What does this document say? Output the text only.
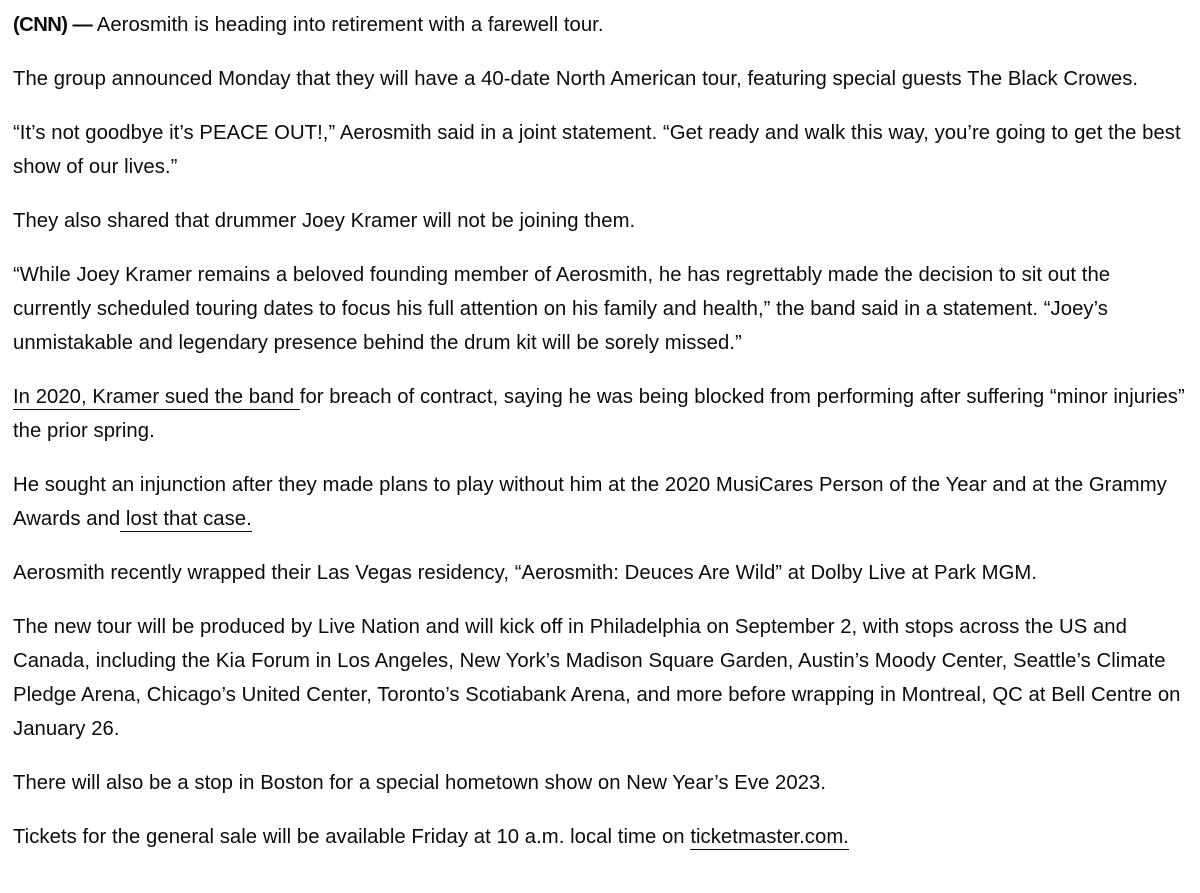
(CNN) — Aerosmith is heading into retirement with a farewell tour.

The group announced Monday that they will have a 40-date North American tour, featuring special guests The Black Crowes.

“It’s not goodbye it’s PEACE OUT!,” Aerosmith said in a joint statement. “Get ready and walk this way, you’re going to get the best show of our lives.”

They also shared that drummer Joey Kramer will not be joining them.

“While Joey Kramer remains a beloved founding member of Aerosmith, he has regrettably made the decision to sit out the currently scheduled touring dates to focus his full attention on his family and health,” the band said in a statement. “Joey’s unmistakable and legendary presence behind the drum kit will be sorely missed.”

In 2020, Kramer sued the band for breach of contract, saying he was being blocked from performing after suffering “minor injuries” the prior spring.

He sought an injunction after they made plans to play without him at the 2020 MusiCares Person of the Year and at the Grammy Awards and lost that case.

Aerosmith recently wrapped their Las Vegas residency, “Aerosmith: Deuces Are Wild” at Dolby Live at Park MGM.

The new tour will be produced by Live Nation and will kick off in Philadelphia on September 2, with stops across the US and Canada, including the Kia Forum in Los Angeles, New York’s Madison Square Garden, Austin’s Moody Center, Seattle’s Climate Pledge Arena, Chicago’s United Center, Toronto’s Scotiabank Arena, and more before wrapping in Montreal, QC at Bell Centre on January 26.

There will also be a stop in Boston for a special hometown show on New Year’s Eve 2023.

Tickets for the general sale will be available Friday at 10 a.m. local time on ticketmaster.com.
